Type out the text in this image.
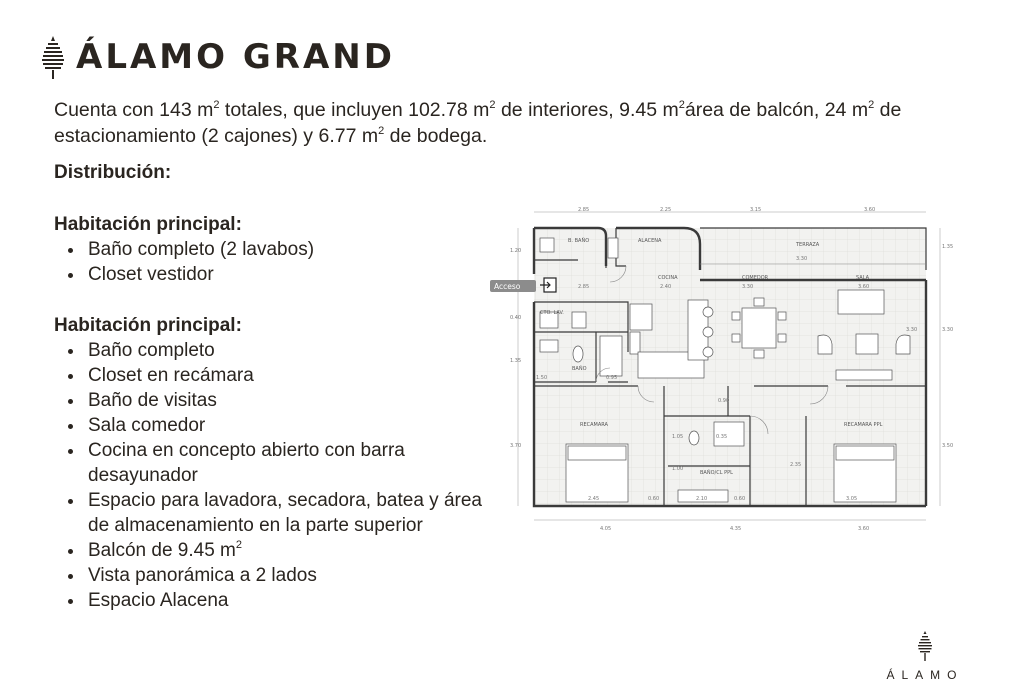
ÁLAMO GRAND
Cuenta con 143 $m^2$ totales, que incluyen 102.78 $m^2$ de interiores, 9.45 $m^2área$ de balcón, 24 $m^2$ de estacionamiento (2 cajones) y 6.77 $m^2$ de bodega.
Distribución:
Habitación principal:
Baño completo (2 lavabos)
Closet vestidor
Habitación principal:
Baño completo
Closet en recámara
Baño de visitas
Sala comedor
Cocina en concepto abierto con barra desayunador
Espacio para lavadora, secadora, batea y área de almacenamiento en la parte superior
Balcón de 9.45 $m^2$
Vista panorámica a 2 lados
Espacio Alacena
2.85	2.25	3.15	3.60
4.05	4.35	3.60
1.20
0.40
1.35
3.70
1.35
3.30
3.50
Acceso
B. BAÑO	ALACENA
TERRAZA
COCINA	COMEDOR	SALA
CTO. LAV.
BAÑO
RECAMARA	RECAMARA PPL
BAÑO/CL PPL
2.85	2.40	3.30	3.60
3.30
1.50	0.95
0.90
1.05	0.35
1.00
2.35
2.45	0.60	2.10	0.60	3.05
3.30
ÁLAMO
